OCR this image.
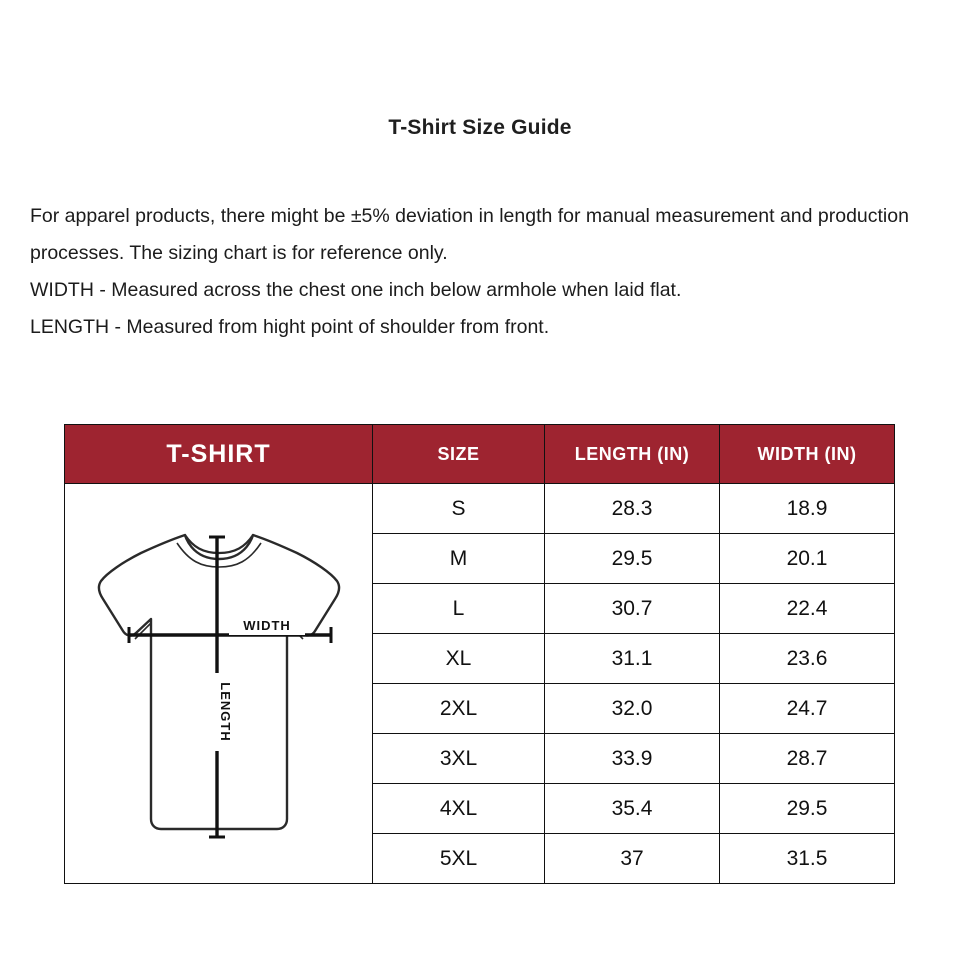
T-Shirt Size Guide

For apparel products, there might be ±5% deviation in length for manual measurement and production processes. The sizing chart is for reference only.

WIDTH - Measured across the chest one inch below armhole when laid flat.

LENGTH - Measured from hight point of shoulder from front.

T-SHIRT	SIZE	LENGTH (IN)	WIDTH (IN)

WIDTH
LENGTH	S	28.3	18.9
	M	29.5	20.1
	L	30.7	22.4
	XL	31.1	23.6
	2XL	32.0	24.7
	3XL	33.9	28.7
	4XL	35.4	29.5
	5XL	37	31.5
